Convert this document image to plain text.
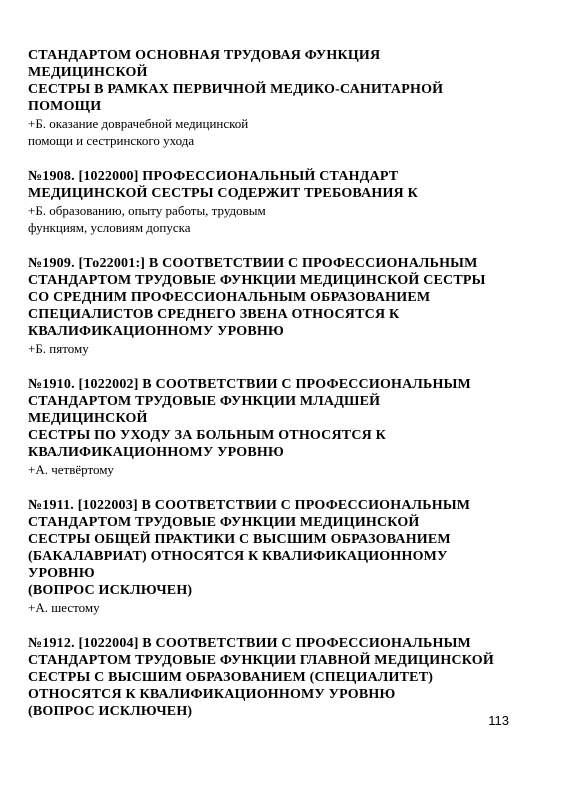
СТАНДАРТОМ ОСНОВНАЯ ТРУДОВАЯ ФУНКЦИЯ
МЕДИЦИНСКОЙ
СЕСТРЫ В РАМКАХ ПЕРВИЧНОЙ МЕДИКО-САНИТАРНОЙ
ПОМОЩИ
+Б. оказание доврачебной медицинской
помощи и сестринского ухода
№1908. [1022000] ПРОФЕССИОНАЛЬНЫЙ СТАНДАРТ
МЕДИЦИНСКОЙ СЕСТРЫ СОДЕРЖИТ ТРЕБОВАНИЯ К
+Б. образованию, опыту работы, трудовым
функциям, условиям допуска
№1909. [То22001:] В СООТВЕТСТВИИ С ПРОФЕССИОНАЛЬНЫМ
СТАНДАРТОМ ТРУДОВЫЕ ФУНКЦИИ МЕДИЦИНСКОЙ СЕСТРЫ
СО СРЕДНИМ ПРОФЕССИОНАЛЬНЫМ ОБРАЗОВАНИЕМ
СПЕЦИАЛИСТОВ СРЕДНЕГО ЗВЕНА ОТНОСЯТСЯ К
КВАЛИФИКАЦИОННОМУ УРОВНЮ
+Б. пятому
№1910. [1022002] В СООТВЕТСТВИИ С ПРОФЕССИОНАЛЬНЫМ
СТАНДАРТОМ ТРУДОВЫЕ ФУНКЦИИ МЛАДШЕЙ
МЕДИЦИНСКОЙ
СЕСТРЫ ПО УХОДУ ЗА БОЛЬНЫМ ОТНОСЯТСЯ К
КВАЛИФИКАЦИОННОМУ УРОВНЮ
+А. четвёртому
№1911. [1022003] В СООТВЕТСТВИИ С ПРОФЕССИОНАЛЬНЫМ
СТАНДАРТОМ ТРУДОВЫЕ ФУНКЦИИ МЕДИЦИНСКОЙ
СЕСТРЫ ОБЩЕЙ ПРАКТИКИ С ВЫСШИМ ОБРАЗОВАНИЕМ
(БАКАЛАВРИАТ) ОТНОСЯТСЯ К КВАЛИФИКАЦИОННОМУ
УРОВНЮ
(ВОПРОС ИСКЛЮЧЕН)
+А. шестому
№1912. [1022004] В СООТВЕТСТВИИ С ПРОФЕССИОНАЛЬНЫМ
СТАНДАРТОМ ТРУДОВЫЕ ФУНКЦИИ ГЛАВНОЙ МЕДИЦИНСКОЙ
СЕСТРЫ С ВЫСШИМ ОБРАЗОВАНИЕМ (СПЕЦИАЛИТЕТ)
ОТНОСЯТСЯ К КВАЛИФИКАЦИОННОМУ УРОВНЮ
(ВОПРОС ИСКЛЮЧЕН)
113
